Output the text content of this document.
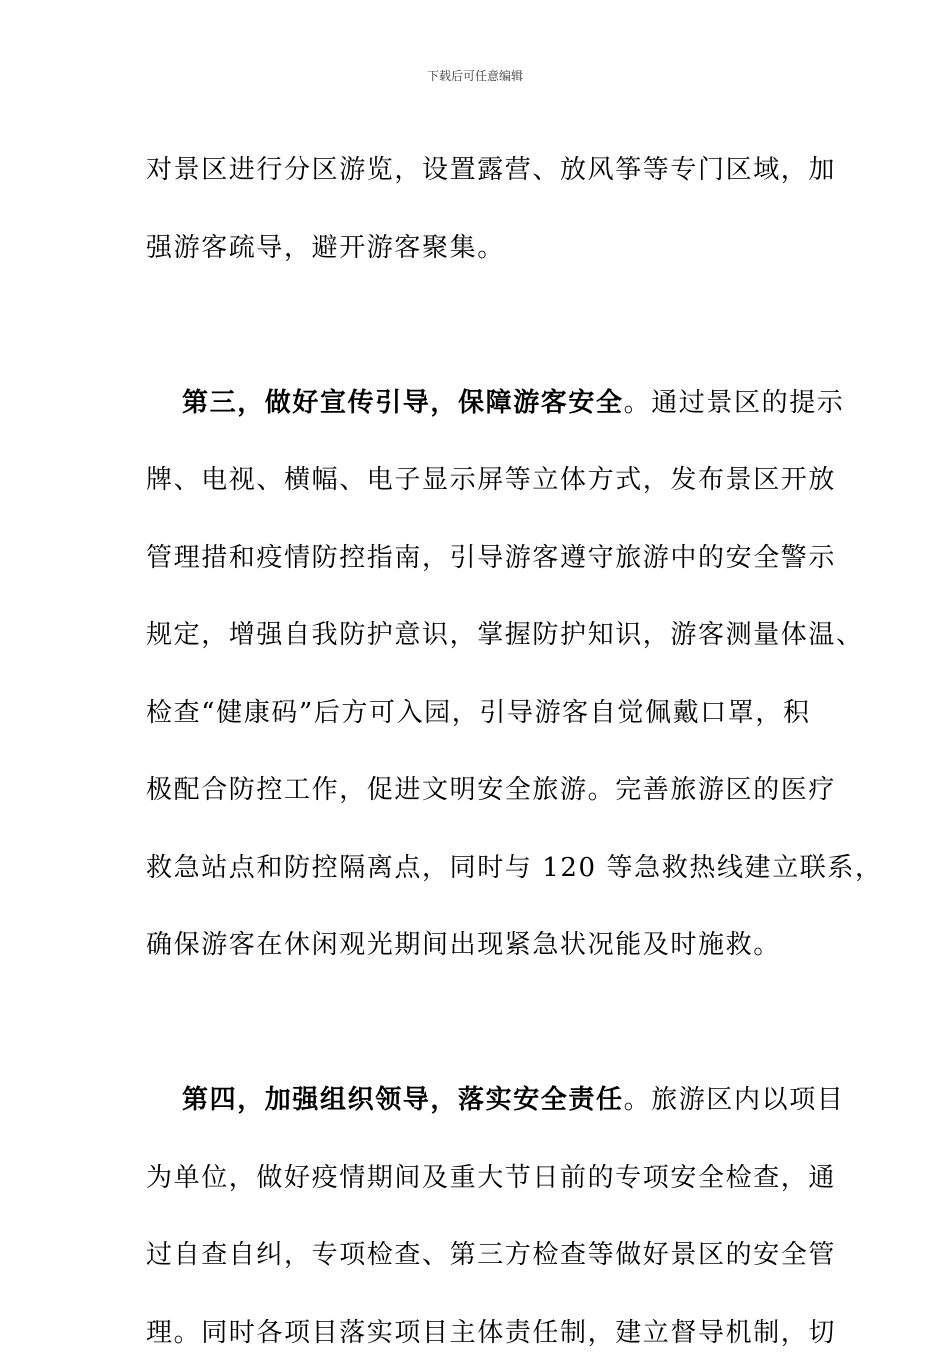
下载后可任意编辑
对景区进行分区游览，设置露营、放风筝等专门区域，加
强游客疏导，避开游客聚集。

第三，做好宣传引导，保障游客安全。通过景区的提示
牌、电视、横幅、电子显示屏等立体方式，发布景区开放
管理措和疫情防控指南，引导游客遵守旅游中的安全警示
规定，增强自我防护意识，掌握防护知识，游客测量体温、
检查“健康码”后方可入园，引导游客自觉佩戴口罩，积
极配合防控工作，促进文明安全旅游。完善旅游区的医疗
救急站点和防控隔离点，同时与 120 等急救热线建立联系，
确保游客在休闲观光期间出现紧急状况能及时施救。

第四，加强组织领导，落实安全责任。旅游区内以项目
为单位，做好疫情期间及重大节日前的专项安全检查，通
过自查自纠，专项检查、第三方检查等做好景区的安全管
理。同时各项目落实项目主体责任制，建立督导机制，切
